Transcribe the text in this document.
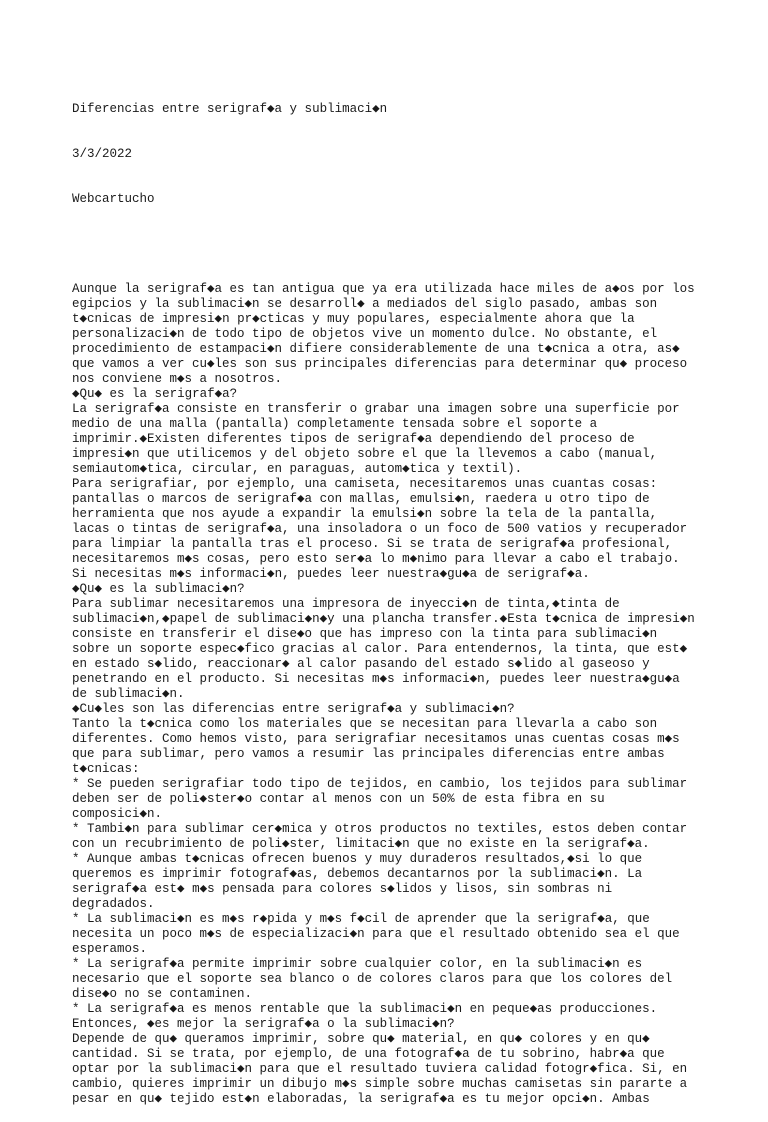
Diferencias entre serigraf◆a y sublimaci◆n

3/3/2022

Webcartucho

Aunque la serigraf◆a es tan antigua que ya era utilizada hace miles de a◆os por los
egipcios y la sublimaci◆n se desarroll◆ a mediados del siglo pasado, ambas son
t◆cnicas de impresi◆n pr◆cticas y muy populares, especialmente ahora que la
personalizaci◆n de todo tipo de objetos vive un momento dulce. No obstante, el
procedimiento de estampaci◆n difiere considerablemente de una t◆cnica a otra, as◆
que vamos a ver cu◆les son sus principales diferencias para determinar qu◆ proceso
nos conviene m◆s a nosotros.
◆Qu◆ es la serigraf◆a?
La serigraf◆a consiste en transferir o grabar una imagen sobre una superficie por
medio de una malla (pantalla) completamente tensada sobre el soporte a
imprimir.◆Existen diferentes tipos de serigraf◆a dependiendo del proceso de
impresi◆n que utilicemos y del objeto sobre el que la llevemos a cabo (manual,
semiautom◆tica, circular, en paraguas, autom◆tica y textil).
Para serigrafiar, por ejemplo, una camiseta, necesitaremos unas cuantas cosas:
pantallas o marcos de serigraf◆a con mallas, emulsi◆n, raedera u otro tipo de
herramienta que nos ayude a expandir la emulsi◆n sobre la tela de la pantalla,
lacas o tintas de serigraf◆a, una insoladora o un foco de 500 vatios y recuperador
para limpiar la pantalla tras el proceso. Si se trata de serigraf◆a profesional,
necesitaremos m◆s cosas, pero esto ser◆a lo m◆nimo para llevar a cabo el trabajo.
Si necesitas m◆s informaci◆n, puedes leer nuestra◆gu◆a de serigraf◆a.
◆Qu◆ es la sublimaci◆n?
Para sublimar necesitaremos una impresora de inyecci◆n de tinta,◆tinta de
sublimaci◆n,◆papel de sublimaci◆n◆y una plancha transfer.◆Esta t◆cnica de impresi◆n
consiste en transferir el dise◆o que has impreso con la tinta para sublimaci◆n
sobre un soporte espec◆fico gracias al calor. Para entendernos, la tinta, que est◆
en estado s◆lido, reaccionar◆ al calor pasando del estado s◆lido al gaseoso y
penetrando en el producto. Si necesitas m◆s informaci◆n, puedes leer nuestra◆gu◆a
de sublimaci◆n.
◆Cu◆les son las diferencias entre serigraf◆a y sublimaci◆n?
Tanto la t◆cnica como los materiales que se necesitan para llevarla a cabo son
diferentes. Como hemos visto, para serigrafiar necesitamos unas cuentas cosas m◆s
que para sublimar, pero vamos a resumir las principales diferencias entre ambas
t◆cnicas:
* Se pueden serigrafiar todo tipo de tejidos, en cambio, los tejidos para sublimar
deben ser de poli◆ster◆o contar al menos con un 50% de esta fibra en su
composici◆n.
* Tambi◆n para sublimar cer◆mica y otros productos no textiles, estos deben contar
con un recubrimiento de poli◆ster, limitaci◆n que no existe en la serigraf◆a.
* Aunque ambas t◆cnicas ofrecen buenos y muy duraderos resultados,◆si lo que
queremos es imprimir fotograf◆as, debemos decantarnos por la sublimaci◆n. La
serigraf◆a est◆ m◆s pensada para colores s◆lidos y lisos, sin sombras ni
degradados.
* La sublimaci◆n es m◆s r◆pida y m◆s f◆cil de aprender que la serigraf◆a, que
necesita un poco m◆s de especializaci◆n para que el resultado obtenido sea el que
esperamos.
* La serigraf◆a permite imprimir sobre cualquier color, en la sublimaci◆n es
necesario que el soporte sea blanco o de colores claros para que los colores del
dise◆o no se contaminen.
* La serigraf◆a es menos rentable que la sublimaci◆n en peque◆as producciones.
Entonces, ◆es mejor la serigraf◆a o la sublimaci◆n?
Depende de qu◆ queramos imprimir, sobre qu◆ material, en qu◆ colores y en qu◆
cantidad. Si se trata, por ejemplo, de una fotograf◆a de tu sobrino, habr◆a que
optar por la sublimaci◆n para que el resultado tuviera calidad fotogr◆fica. Si, en
cambio, quieres imprimir un dibujo m◆s simple sobre muchas camisetas sin pararte a
pesar en qu◆ tejido est◆n elaboradas, la serigraf◆a es tu mejor opci◆n. Ambas
